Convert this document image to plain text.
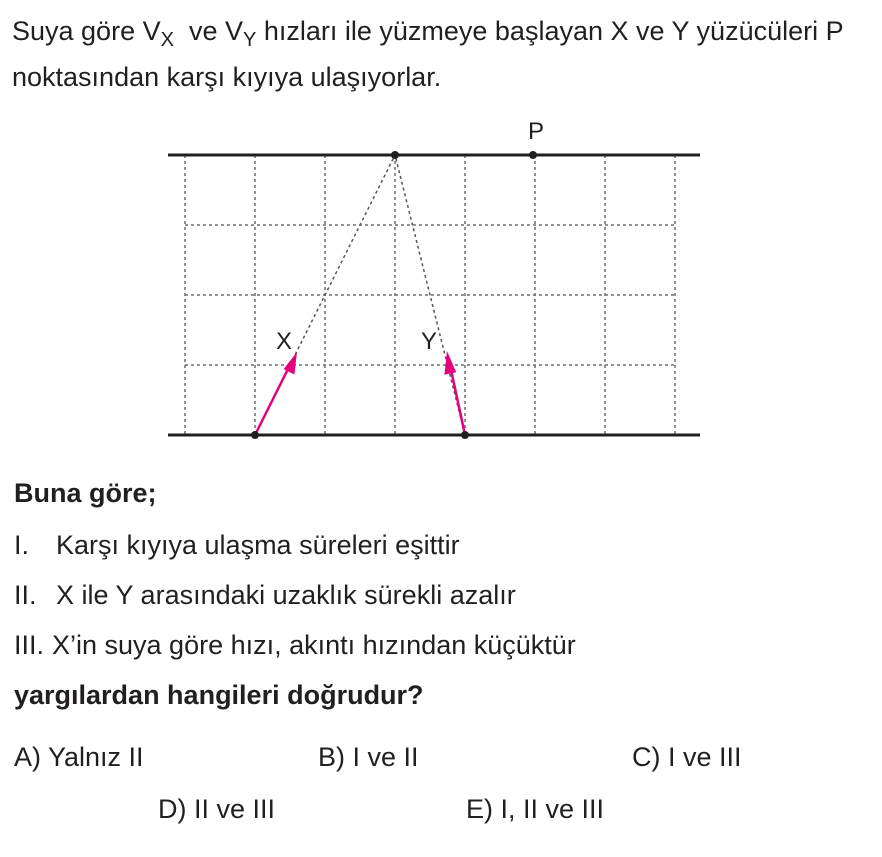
Suya göre $V_X$ ve $V_Y$ hızları ile yüzmeye başlayan X ve Y yüzücüleri P noktasından karşı kıyıya ulaşıyorlar.
P
X	Y
Buna göre;
I. Karşı kıyıya ulaşma süreleri eşittir
II. X ile Y arasındaki uzaklık sürekli azalır
III. X’in suya göre hızı, akıntı hızından küçüktür
yargılardan hangileri doğrudur?
A) Yalnız II	B) I ve II	C) I ve III
D) II ve III	E) I, II ve III
